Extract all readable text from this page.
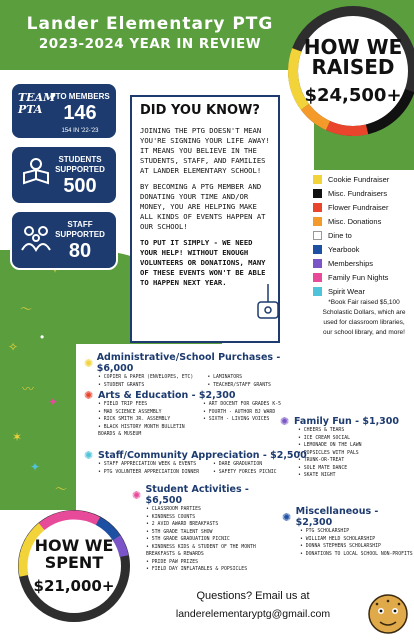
Lander Elementary PTG
2023-2024 YEAR IN REVIEW
〜
•
✧
〰
✦
✶
✦
〜
HOW WE
RAISED
$24,500+
TEAM PTA
PTO MEMBERS
146
154 IN '22-'23
STUDENTS SUPPORTED
500
STAFF SUPPORTED
80
DID YOU KNOW?

JOINING THE PTG DOESN'T MEAN YOU'RE SIGNING YOUR LIFE AWAY! IT MEANS YOU BELIEVE IN THE STUDENTS, STAFF, AND FAMILIES AT LANDER ELEMENTARY SCHOOL!

BY BECOMING A PTG MEMBER AND DONATING YOUR TIME AND/OR MONEY, YOU ARE HELPING MAKE ALL KINDS OF EVENTS HAPPEN AT OUR SCHOOL!

TO PUT IT SIMPLY - WE NEED YOUR HELP! WITHOUT ENOUGH VOLUNTEERS OR DONATIONS, MANY OF THESE EVENTS WON'T BE ABLE TO HAPPEN NEXT YEAR.

Cookie Fundraiser
Misc. Fundraisers
Flower Fundraiser
Misc. Donations
Dine to
Yearbook
Memberships
Family Fun Nights
Spirit Wear
*Book Fair raised $5,100 Scholastic Dollars, which are used for classroom libraries, our school library, and more!
✺ Administrative/School Purchases - $6,000
• COPIER & PAPER (ENVELOPES, ETC)
• STUDENT GRANTS
• LAMINATORS
• TEACHER/STAFF GRANTS
✺ Arts & Education - $2,300
• FIELD TRIP FEES
• MAD SCIENCE ASSEMBLY
• RICK SMITH JR. ASSEMBLY
• BLACK HISTORY MONTH BULLETIN BOARDS & MUSEUM
• ART DOCENT FOR GRADES K-5
• FOURTH - AUTHOR BJ WARD
• SIXTH - LIVING VOICES ✺ Family Fun - $1,300
• CHEERS & TEARS
• ICE CREAM SOCIAL
• LEMONADE ON THE LAWN
• POPSICLES WITH PALS
• TRUNK-OR-TREAT
• SOLE MATE DANCE
• SKATE NIGHT
✺ Staff/Community Appreciation - $2,500
• STAFF APPRECIATION WEEK & EVENTS
• PTG VOLUNTEER APPRECIATION DINNER
• DARE GRADUATION
• SAFETY FORCES PICNIC
✺ Student Activities - $6,500
• CLASSROOM PARTIES
• KINDNESS COUNTS
• 2 AVID AWARD BREAKFASTS
• 5TH GRADE TALENT SHOW
• 5TH GRADE GRADUATION PICNIC
• KINDNESS KIDS & STUDENT OF THE MONTH BREAKFASTS & REWARDS
• PRIDE PAW PRIZES
• FIELD DAY INFLATABLES & POPSICLES
✺ Miscellaneous - $2,300
• PTG SCHOLARSHIP
• WILLIAM HELD SCHOLARSHIP
• DONNA STEPHENS SCHOLARSHIP
• DONATIONS TO LOCAL SCHOOL NON-PROFITS
HOW WE
SPENT
$21,000+
Questions? Email us at
landerelementaryptg@gmail.com
